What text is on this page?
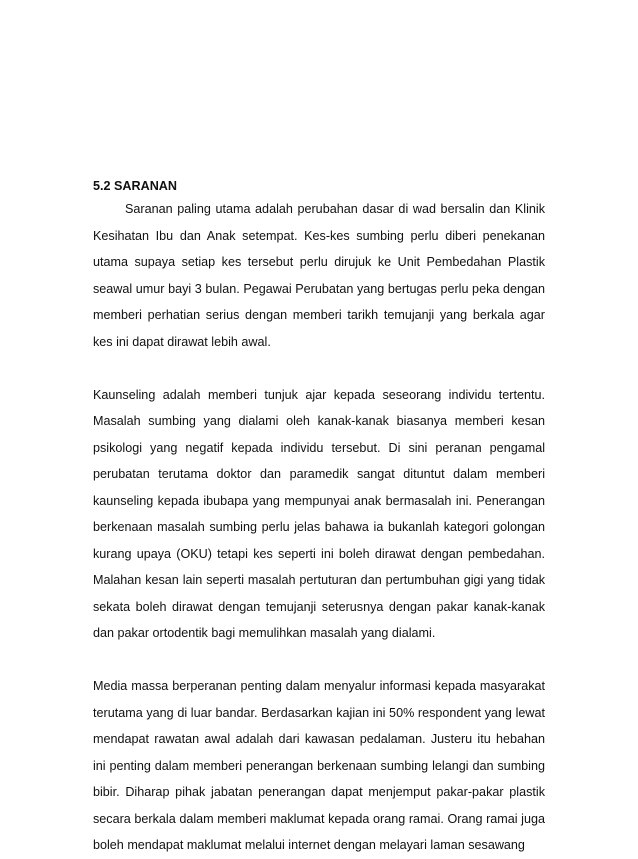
5.2 SARANAN

Saranan paling utama adalah perubahan dasar di wad bersalin dan Klinik Kesihatan Ibu dan Anak setempat. Kes-kes sumbing perlu diberi penekanan utama supaya setiap kes tersebut perlu dirujuk ke Unit Pembedahan Plastik seawal umur bayi 3 bulan. Pegawai Perubatan yang bertugas perlu peka dengan memberi perhatian serius dengan memberi tarikh temujanji yang berkala agar kes ini dapat dirawat lebih awal.

Kaunseling adalah memberi tunjuk ajar kepada seseorang individu tertentu. Masalah sumbing yang dialami oleh kanak-kanak biasanya memberi kesan psikologi yang negatif kepada individu tersebut. Di sini peranan pengamal perubatan terutama doktor dan paramedik sangat dituntut dalam memberi kaunseling kepada ibubapa yang mempunyai anak bermasalah ini. Penerangan berkenaan masalah sumbing perlu jelas bahawa ia bukanlah kategori golongan kurang upaya (OKU) tetapi kes seperti ini boleh dirawat dengan pembedahan. Malahan kesan lain seperti masalah pertuturan dan pertumbuhan gigi yang tidak sekata boleh dirawat dengan temujanji seterusnya dengan pakar kanak-kanak dan pakar ortodentik bagi memulihkan masalah yang dialami.

Media massa berperanan penting dalam menyalur informasi kepada masyarakat terutama yang di luar bandar. Berdasarkan kajian ini 50% respondent yang lewat mendapat rawatan awal adalah dari kawasan pedalaman. Justeru itu hebahan ini penting dalam memberi penerangan berkenaan sumbing lelangi dan sumbing bibir. Diharap pihak jabatan penerangan dapat menjemput pakar-pakar plastik secara berkala dalam memberi maklumat kepada orang ramai. Orang ramai juga boleh mendapat maklumat melalui internet dengan melayari laman sesawang
